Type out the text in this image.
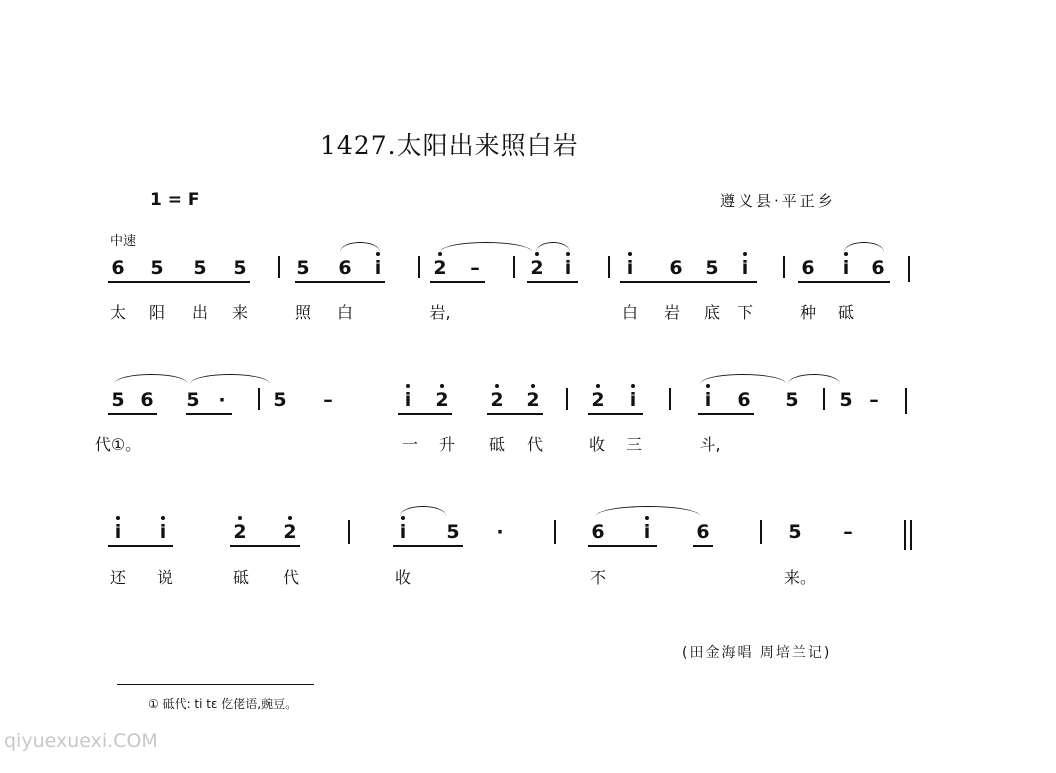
1427.太阳出来照白岩
1 = F	遵义县·平正乡
中速
6 5 5 5	5 6 i	2 –	2 i	i 6 5 i	6 i 6
太 阳 出 来	照 白	岩,	白 岩 底 下	种 砥
5 6 5 ·	5 –	i 2 2 2	2 i	i 6 5 5 –
代①。	一 升 砥 代	收 三	斗,
i i	2 2	i 5 ·	6 i 6	5 –
还 说	砥 代	收	不	来。
(田金海唱 周培兰记)
① 砥代: ti tɛ 仡佬语,豌豆。
qiyuexuexi.COM
